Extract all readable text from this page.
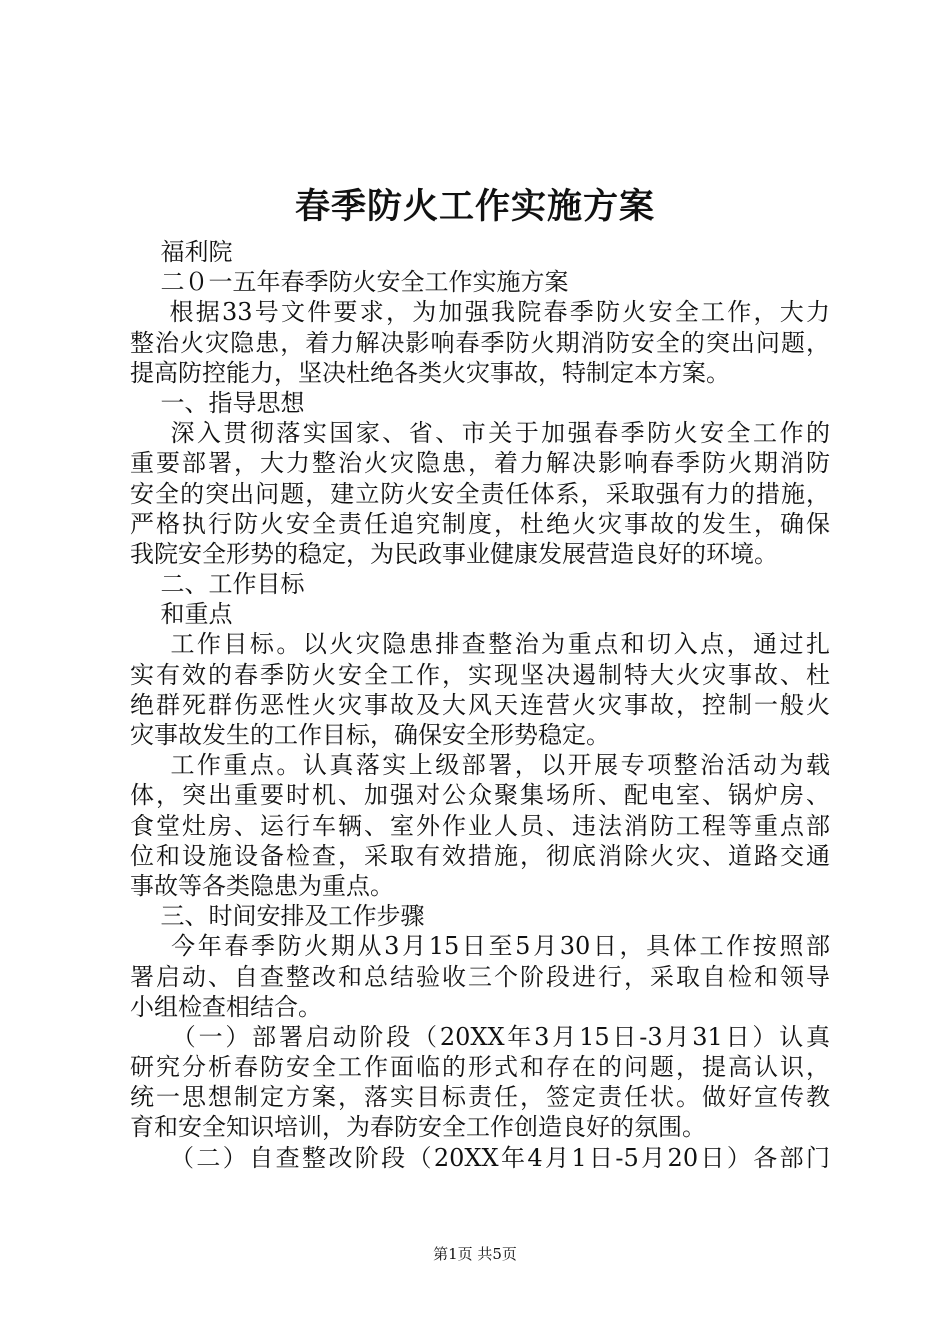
春季防火工作实施方案
福利院
二０一五年春季防火安全工作实施方案
根据33号文件要求，为加强我院春季防火安全工作，大力
整治火灾隐患，着力解决影响春季防火期消防安全的突出问题，
提高防控能力，坚决杜绝各类火灾事故，特制定本方案。
一、指导思想
深入贯彻落实国家、省、市关于加强春季防火安全工作的
重要部署，大力整治火灾隐患，着力解决影响春季防火期消防
安全的突出问题，建立防火安全责任体系，采取强有力的措施，
严格执行防火安全责任追究制度，杜绝火灾事故的发生，确保
我院安全形势的稳定，为民政事业健康发展营造良好的环境。
二、工作目标
和重点
工作目标。以火灾隐患排查整治为重点和切入点，通过扎
实有效的春季防火安全工作，实现坚决遏制特大火灾事故、杜
绝群死群伤恶性火灾事故及大风天连营火灾事故，控制一般火
灾事故发生的工作目标，确保安全形势稳定。
工作重点。认真落实上级部署，以开展专项整治活动为载
体，突出重要时机、加强对公众聚集场所、配电室、锅炉房、
食堂灶房、运行车辆、室外作业人员、违法消防工程等重点部
位和设施设备检查，采取有效措施，彻底消除火灾、道路交通
事故等各类隐患为重点。
三、时间安排及工作步骤
今年春季防火期从3月15日至5月30日，具体工作按照部
署启动、自查整改和总结验收三个阶段进行，采取自检和领导
小组检查相结合。
（一）部署启动阶段（20XX年3月15日-3月31日）认真
研究分析春防安全工作面临的形式和存在的问题，提高认识，
统一思想制定方案，落实目标责任，签定责任状。做好宣传教
育和安全知识培训，为春防安全工作创造良好的氛围。
（二）自查整改阶段（20XX年4月1日-5月20日）各部门
第1页 共5页
